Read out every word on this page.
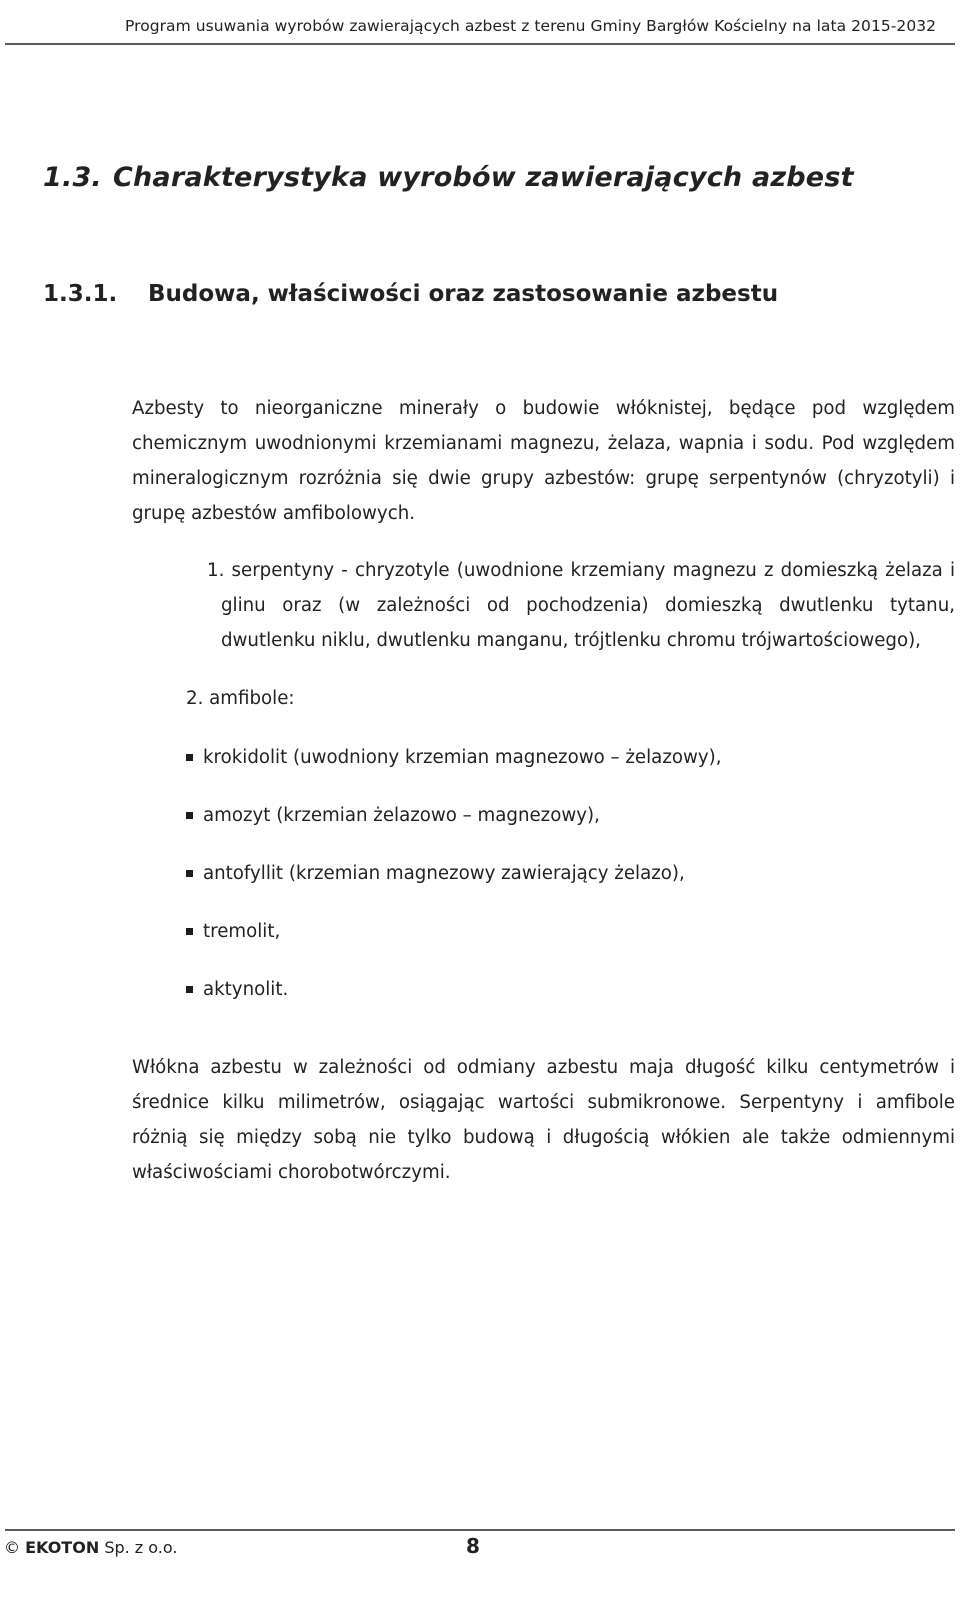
Program usuwania wyrobów zawierających azbest z terenu Gminy Bargłów Kościelny na lata 2015-2032
1.3. Charakterystyka wyrobów zawierających azbest
1.3.1. Budowa, właściwości oraz zastosowanie azbestu
Azbesty to nieorganiczne minerały o budowie włóknistej, będące pod względem chemicznym uwodnionymi krzemianami magnezu, żelaza, wapnia i sodu. Pod względem mineralogicznym rozróżnia się dwie grupy azbestów: grupę serpentynów (chryzotyli) i grupę azbestów amfibolowych.
1. serpentyny - chryzotyle (uwodnione krzemiany magnezu z domieszką żelaza i glinu oraz (w zależności od pochodzenia) domieszką dwutlenku tytanu, dwutlenku niklu, dwutlenku manganu, trójtlenku chromu trójwartościowego),
2. amfibole:
krokidolit (uwodniony krzemian magnezowo – żelazowy),
amozyt (krzemian żelazowo – magnezowy),
antofyllit (krzemian magnezowy zawierający żelazo),
tremolit,
aktynolit.
Włókna azbestu w zależności od odmiany azbestu maja długość kilku centymetrów i średnice kilku milimetrów, osiągając wartości submikronowe. Serpentyny i amfibole różnią się między sobą nie tylko budową i długością włókien ale także odmiennymi właściwościami chorobotwórczymi.
© EKOTON Sp. z o.o.	8
